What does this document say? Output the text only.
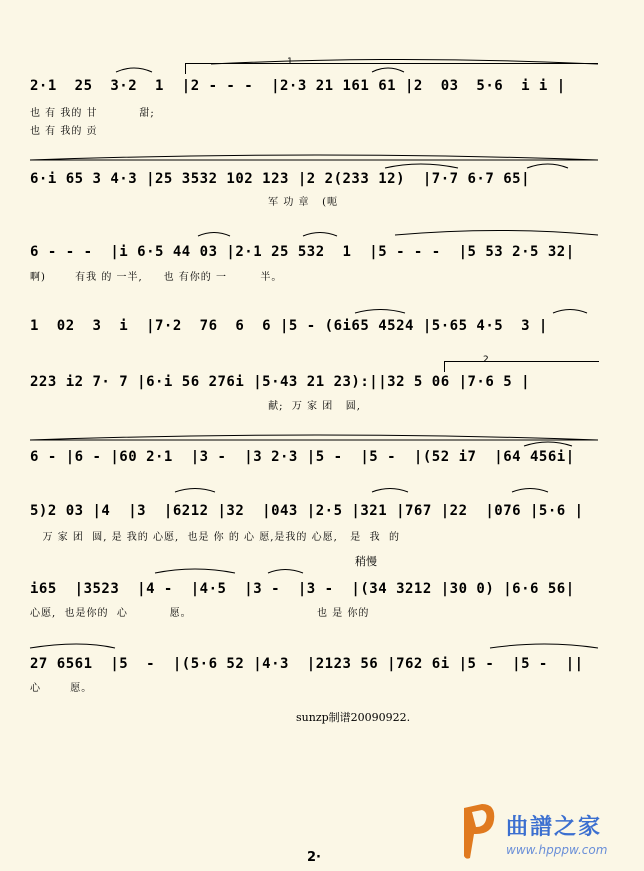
1
2
2·1  25  3·2  1  |2 - - -  |2·3 21 161 61 |2  03  5·6  i i |
也 有 我的 甘          甜;
也 有 我的 贡
6·i 65 3 4·3 |25 3532 102 123 |2 2(233 12)  |7·7 6·7 65|
军 功 章   (呃
6 - - -  |i 6·5 44 03 |2·1 25 532  1  |5 - - -  |5 53 2·5 32|
啊)       有我 的 一半,     也 有你的 一        半。
1  02  3  i  |7·2  76  6  6 |5 - (6i65 4524 |5·65 4·5  3 |
223 i2 7· 7 |6·i 56 276i |5·43 21 23):||32 5 06 |7·6 5 |
献;  万 家 团   圆,
6 - |6 - |60 2·1  |3 -  |3 2·3 |5 -  |5 -  |(52 i7  |64 456i|
5)2 03 |4  |3  |6212 |32  |043 |2·5 |321 |767 |22  |076 |5·6 |
万 家 团  圆, 是 我的 心愿,  也是 你 的 心 愿,是我的 心愿,   是  我  的
稍慢
i65  |3523  |4 -  |4·5  |3 -  |3 -  |(34 3212 |30 0) |6·6 56|
心愿,  也是你的  心          愿。                              也 是 你的
27 6561  |5  -  |(5·6 52 |4·3  |2123 56 |762 6i |5 -  |5 -  ||
心       愿。
sunzp制谱20090922.
曲譜之家
www.hpppw.com
2·
